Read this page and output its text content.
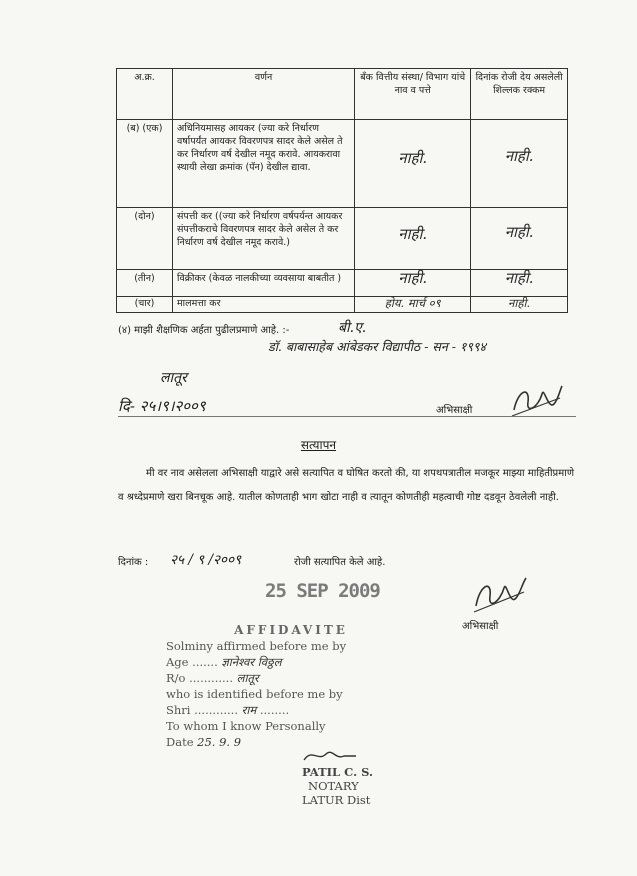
अ.क्र.	वर्णन	बँक वित्तीय संस्था/ विभाग यांचे नाव व पत्ते	दिनांक रोजी देय असलेली शिल्लक रक्कम
(ब) (एक)	अधिनियमासह आयकर (ज्या करे निर्धारण वर्षापर्यंत आयकर विवरणपत्र सादर केले असेल ते कर निर्धारण वर्ष देखील नमूद करावे. आयकरावा स्थायी लेखा क्रमांक (पॅन) देखील द्यावा.	नाही.	नाही.

(दोन)	संपत्ती कर ((ज्या करे निर्धारण वर्षपर्यन्त आयकर संपत्तीकराचे विवरणपत्र सादर केले असेल ते कर निर्धारण वर्ष देखील नमूद करावे.)	नाही.	नाही.

(तीन)	विक्रीकर (केवळ नालकीच्या व्यवसाया बाबतीत )	नाही.	नाही.

(चार)	मालमत्ता कर	होय. मार्च ०९	नाही.
(४) माझी शैक्षणिक अर्हता पुढीलप्रमाणे आहे. :-	बी.ए.
डॉ. बाबासाहेब आंबेडकर विद्यापीठ - सन - १९९४
लातूर
दि- २५।९।२००९	अभिसाक्षी
सत्यापन
मी वर नाव असेलला अभिसाक्षी याद्वारे असे सत्यापित व घोषित करतो की, या शपथपत्रातील मजकूर माझ्या माहितीप्रमाणे व श्रध्देप्रमाणे खरा बिनचूक आहे. यातील कोणताही भाग खोटा नाही व त्यातून कोणतीही महत्वाची गोष्ट दडवून ठेवलेली नाही.
दिनांक : २५ / ९ /२००९	रोजी सत्यापित केले आहे.
25 SEP 2009
अभिसाक्षी
AFFIDAVITE
Solminy affirmed before me by
Age ....... ज्ञानेश्वर विठ्ठल
R/o ............ लातूर
who is identified before me by
Shri ............ राम ........
To whom I know Personally
Date 25. 9. 9
PATIL C. S.
NOTARY
LATUR Dist
